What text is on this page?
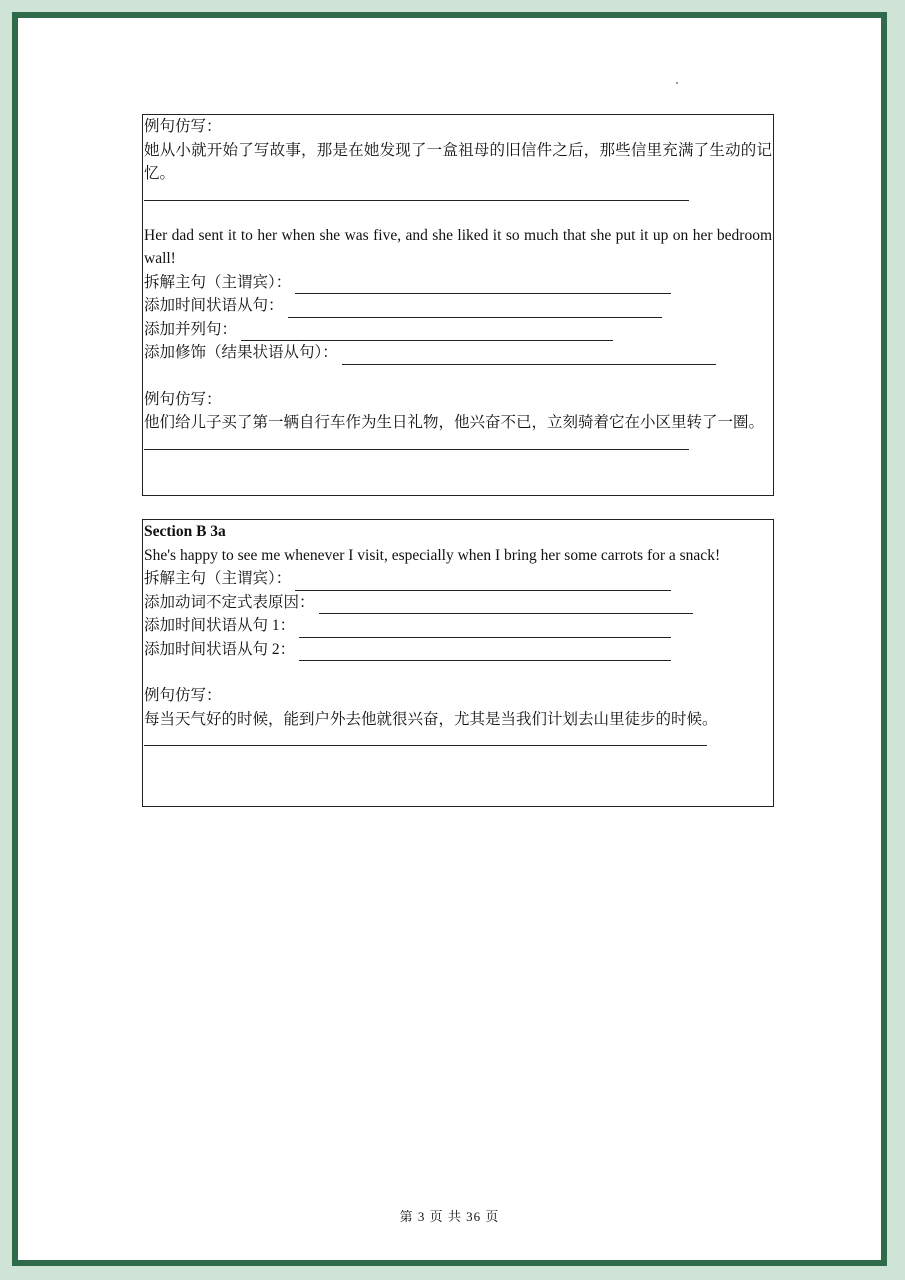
例句仿写：
她从小就开始了写故事，那是在她发现了一盒祖母的旧信件之后，那些信里充满了生动的记忆。
Her dad sent it to her when she was five, and she liked it so much that she put it up on her bedroom wall!
拆解主句（主谓宾）：
添加时间状语从句：
添加并列句：
添加修饰（结果状语从句）：
例句仿写：
他们给儿子买了第一辆自行车作为生日礼物，他兴奋不已，立刻骑着它在小区里转了一圈。
Section B 3a
She's happy to see me whenever I visit, especially when I bring her some carrots for a snack!
拆解主句（主谓宾）：
添加动词不定式表原因：
添加时间状语从句 1：
添加时间状语从句 2：
例句仿写：
每当天气好的时候，能到户外去他就很兴奋，尤其是当我们计划去山里徒步的时候。
第 3 页 共 36 页
